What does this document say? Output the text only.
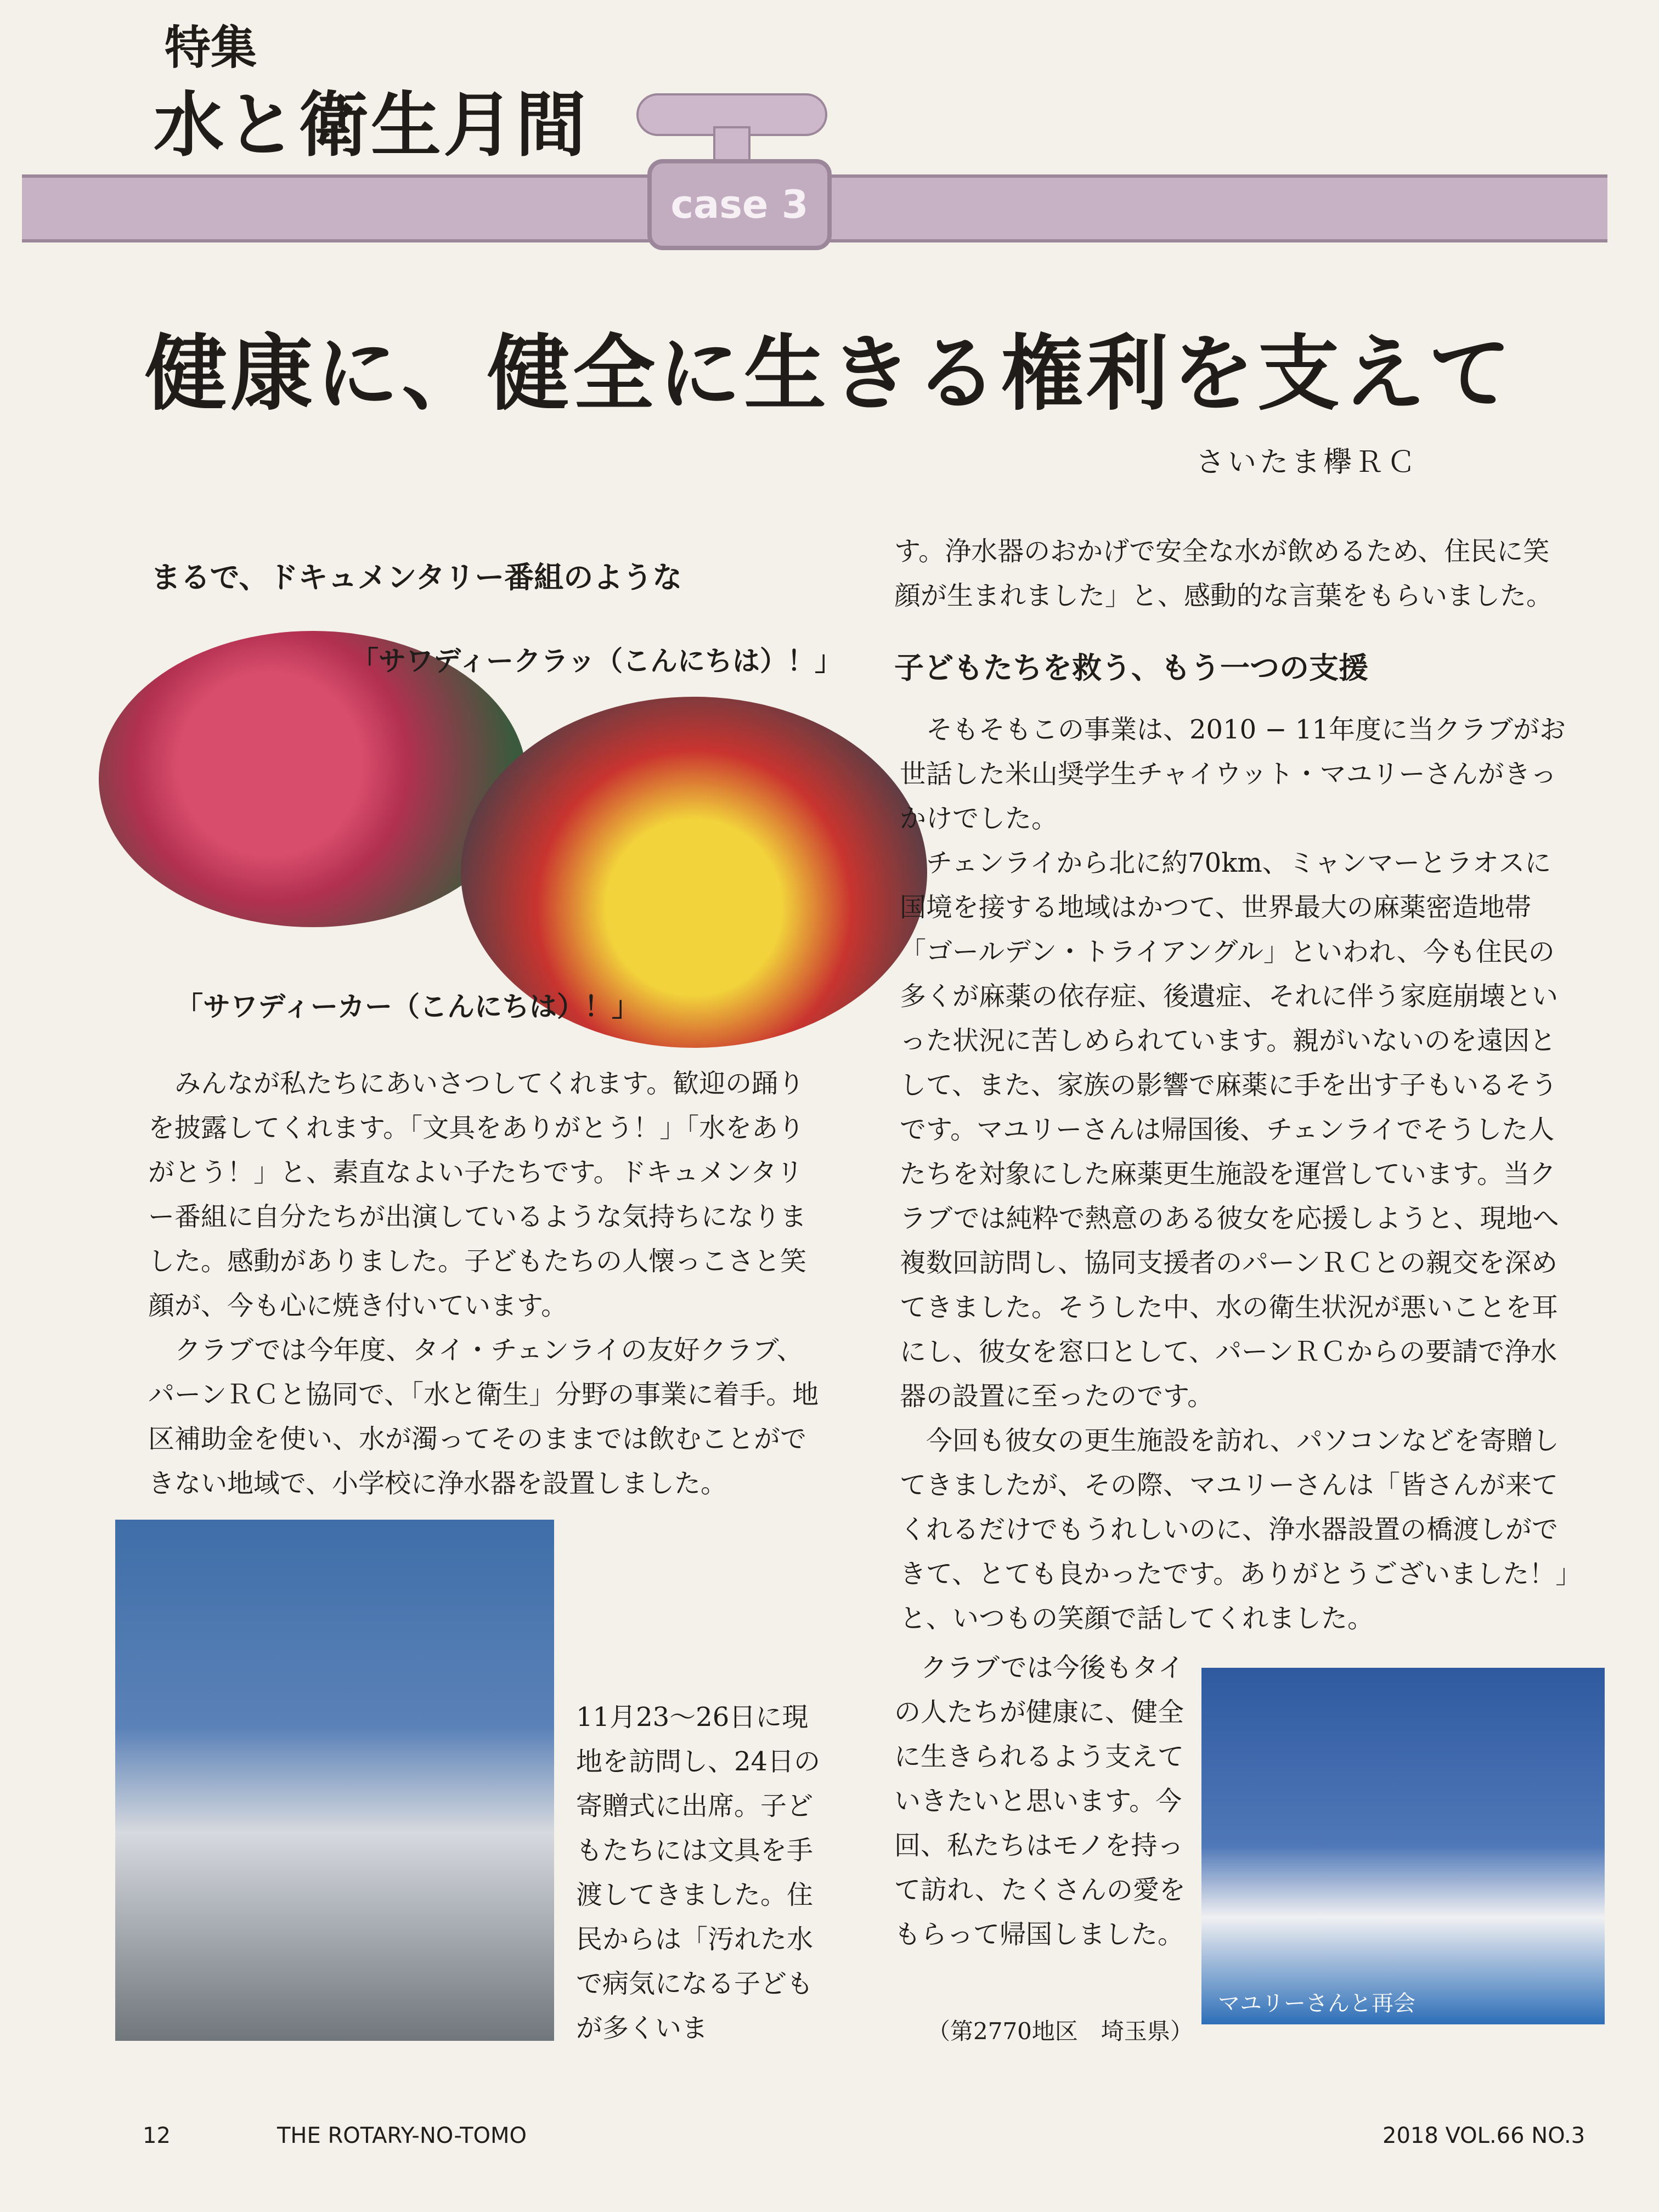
特集
水と衛生月間
case 3
健康に、健全に生きる権利を支えて
さいたま欅ＲＣ
まるで、ドキュメンタリー番組のような
「サワディークラッ（こんにちは）！」
「サワディーカー（こんにちは）！」

みんなが私たちにあいさつしてくれます。歓迎の踊りを披露してくれます。「文具をありがとう！」「水をありがとう！」と、素直なよい子たちです。ドキュメンタリー番組に自分たちが出演しているような気持ちになりました。感動がありました。子どもたちの人懐っこさと笑顔が、今も心に焼き付いています。

クラブでは今年度、タイ・チェンライの友好クラブ、パーンＲＣと協同で、「水と衛生」分野の事業に着手。地区補助金を使い、水が濁ってそのままでは飲むことができない地域で、小学校に浄水器を設置しました。

11月23〜26日に現地を訪問し、24日の寄贈式に出席。子どもたちには文具を手渡してきました。住民からは「汚れた水で病気になる子どもが多くいま

す。浄水器のおかげで安全な水が飲めるため、住民に笑顔が生まれました」と、感動的な言葉をもらいました。

子どもたちを救う、もう一つの支援

そもそもこの事業は、2010 − 11年度に当クラブがお世話した米山奨学生チャイウット・マユリーさんがきっかけでした。

チェンライから北に約70km、ミャンマーとラオスに国境を接する地域はかつて、世界最大の麻薬密造地帯「ゴールデン・トライアングル」といわれ、今も住民の多くが麻薬の依存症、後遺症、それに伴う家庭崩壊といった状況に苦しめられています。親がいないのを遠因として、また、家族の影響で麻薬に手を出す子もいるそうです。マユリーさんは帰国後、チェンライでそうした人たちを対象にした麻薬更生施設を運営しています。当クラブでは純粋で熱意のある彼女を応援しようと、現地へ複数回訪問し、協同支援者のパーンＲＣとの親交を深めてきました。そうした中、水の衛生状況が悪いことを耳にし、彼女を窓口として、パーンＲＣからの要請で浄水器の設置に至ったのです。

今回も彼女の更生施設を訪れ、パソコンなどを寄贈してきましたが、その際、マユリーさんは「皆さんが来てくれるだけでもうれしいのに、浄水器設置の橋渡しができて、とても良かったです。ありがとうございました！」と、いつもの笑顔で話してくれました。

クラブでは今後もタイの人たちが健康に、健全に生きられるよう支えていきたいと思います。今回、私たちはモノを持って訪れ、たくさんの愛をもらって帰国しました。

（第2770地区　埼玉県）
マユリーさんと再会
12	THE ROTARY-NO-TOMO	2018 VOL.66 NO.3
